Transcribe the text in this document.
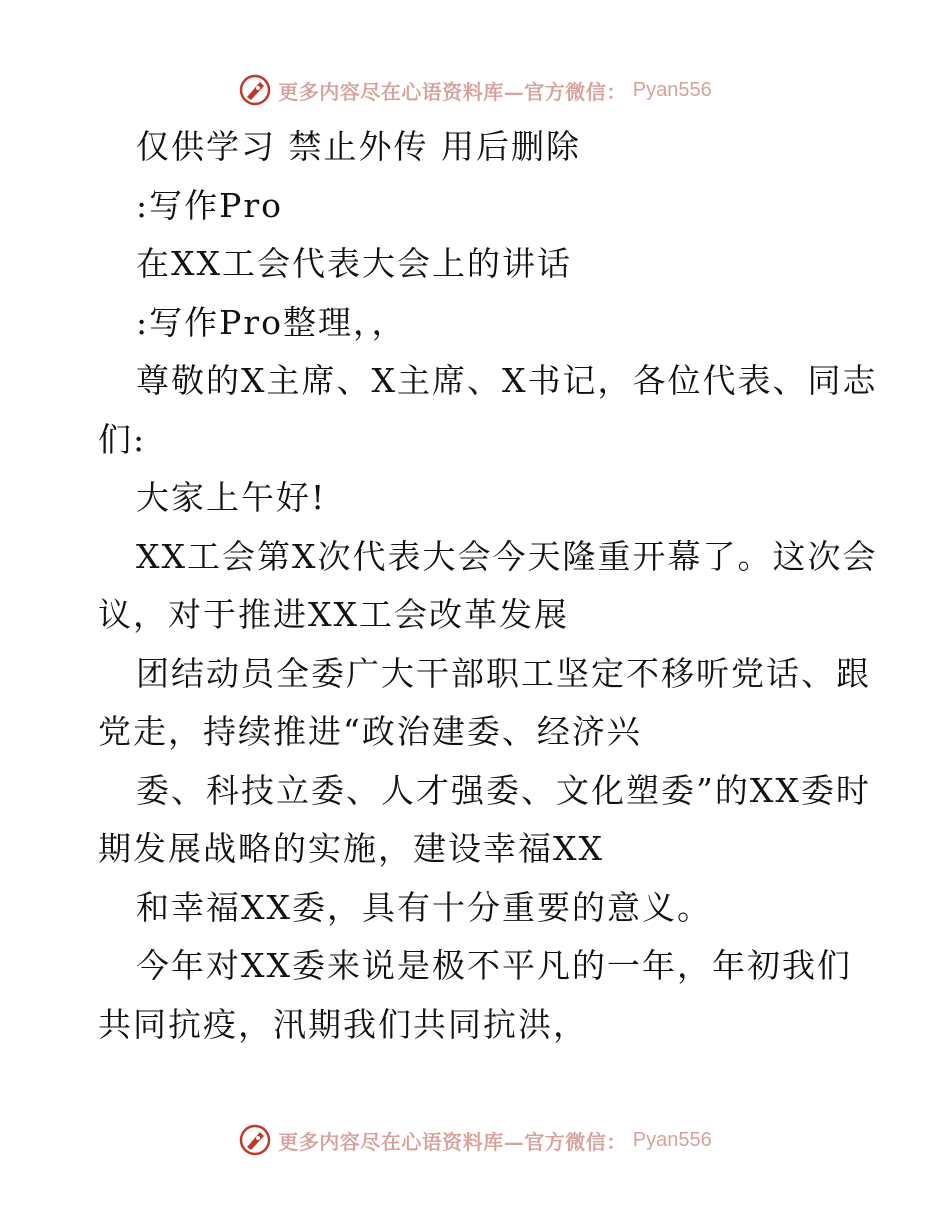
更多内容尽在心语资料库—官方微信： Pyan556

仅供学习 禁止外传 用后删除

:写作Pro

在XX工会代表大会上的讲话

:写作Pro整理，，

尊敬的X主席、X主席、X书记，各位代表、同志们:

大家上午好!

XX工会第X次代表大会今天隆重开幕了。这次会议，对于推进XX工会改革发展

团结动员全委广大干部职工坚定不移听党话、跟党走，持续推进“政治建委、经济兴

委、科技立委、人才强委、文化塑委”的XX委时期发展战略的实施，建设幸福XX

和幸福XX委，具有十分重要的意义。

今年对XX委来说是极不平凡的一年，年初我们共同抗疫，汛期我们共同抗洪，

更多内容尽在心语资料库—官方微信： Pyan556
